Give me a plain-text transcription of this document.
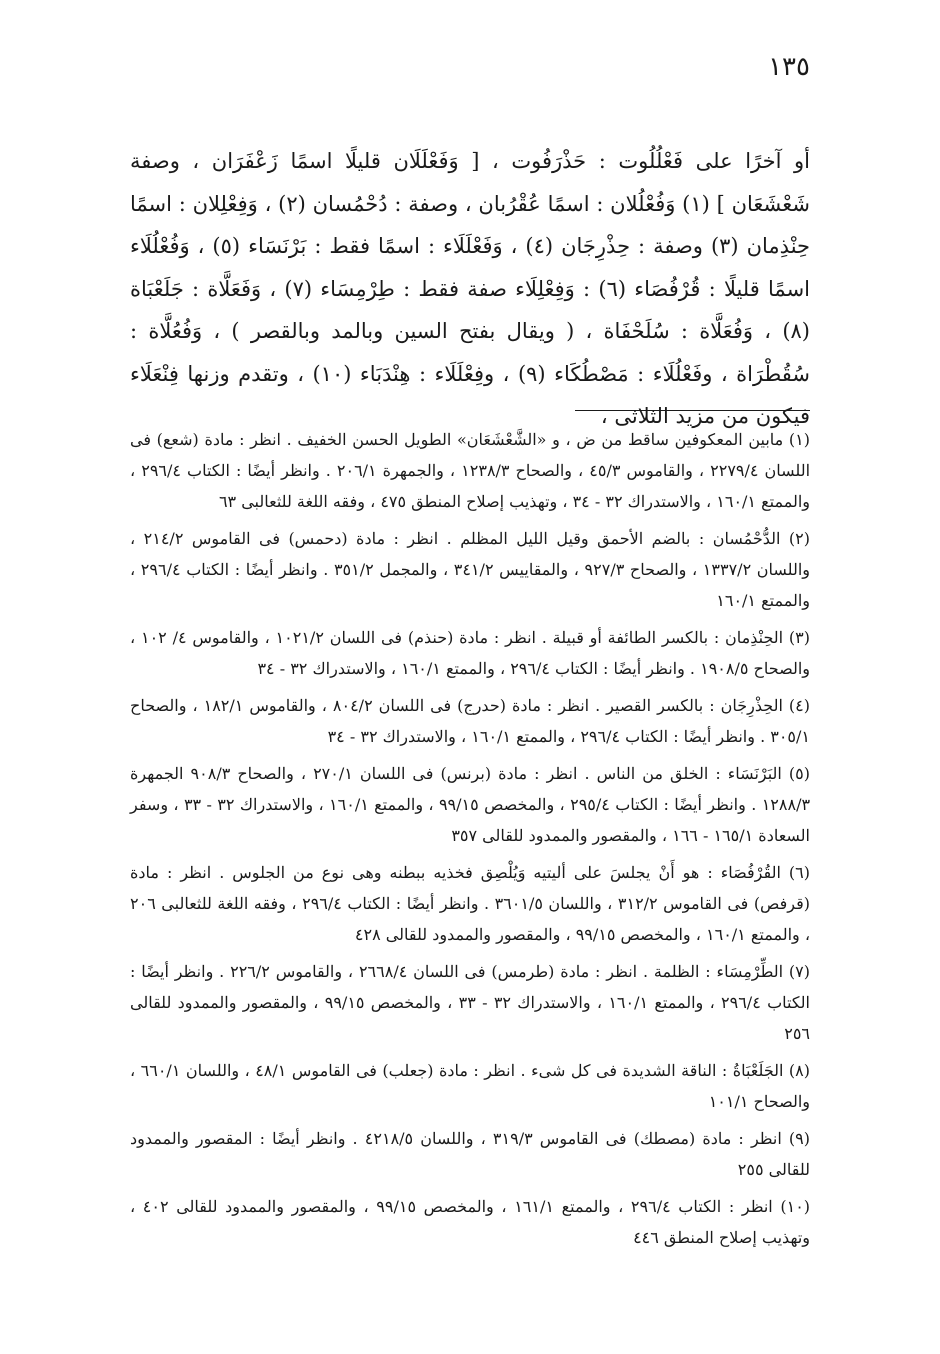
١٣٥
أو آخرًا على فَعْلُلُوت : حَذْرَفُوت ، [ وَفَعْلَلَان قليلًا اسمًا زَعْفَرَان ، وصفة شَعْشَعَان ] (١) وَفُعْلُلان : اسمًا عُقْرُبان ، وصفة : دُحْمُسان (٢) ، وَفِعْلِلان : اسمًا حِنْذِمان (٣) وصفة : حِذْرِجَان (٤) ، وَفَعْلَلَاء : اسمًا فقط : بَرْنَسَاء (٥) ، وَفُعْلُلَاء اسمًا قليلًا : قُرْفُصَاء (٦) : وَفِعْلِلَاء صفة فقط : طِرْمِسَاء (٧) ، وَفَعَلَّاة : جَلَعْبَاة (٨) ، وَفُعَلَّاة : سُلَحْفَاة ، ( ويقال بفتح السين وبالمد وبالقصر ) ، وَفُعُلَّاة : سُقُطْرَاة ، وفَعْلُلَاء : مَصْطُكَاء (٩) ، وفِعْلَلَاء : هِنْدَبَاء (١٠) ، وتقدم وزنها فِنْعَلَاء فيكون من مزيد الثلاثى ،

(١) مابين المعكوفين ساقط من ض ، و «الشَّعْشَعَان» الطويل الحسن الخفيف . انظر : مادة (شعع) فى اللسان ٢٢٧٩/٤ ، والقاموس ٤٥/٣ ، والصحاح ١٢٣٨/٣ ، والجمهرة ٢٠٦/١ . وانظر أيضًا : الكتاب ٢٩٦/٤ ، والممتع ١٦٠/١ ، والاستدراك ٣٢ - ٣٤ ، وتهذيب إصلاح المنطق ٤٧٥ ، وفقه اللغة للثعالبى ٦٣

(٢) الدُّحْمُسان : بالضم الأحمق وقيل الليل المظلم . انظر : مادة (دحمس) فى القاموس ٢١٤/٢ ، واللسان ١٣٣٧/٢ ، والصحاح ٩٢٧/٣ ، والمقاييس ٣٤١/٢ ، والمجمل ٣٥١/٢ . وانظر أيضًا : الكتاب ٢٩٦/٤ ، والممتع ١٦٠/١

(٣) الحِنْذِمان : بالكسر الطائفة أو قبيلة . انظر : مادة (حنذم) فى اللسان ١٠٢١/٢ ، والقاموس ٤/ ١٠٢ ، والصحاح ١٩٠٨/٥ . وانظر أيضًا : الكتاب ٢٩٦/٤ ، والممتع ١٦٠/١ ، والاستدراك ٣٢ - ٣٤

(٤) الحِذْرِجَان : بالكسر القصير . انظر : مادة (حدرج) فى اللسان ٨٠٤/٢ ، والقاموس ١٨٢/١ ، والصحاح ٣٠٥/١ . وانظر أيضًا : الكتاب ٢٩٦/٤ ، والممتع ١٦٠/١ ، والاستدراك ٣٢ - ٣٤

(٥) البَرْنَسَاء : الخلق من الناس . انظر : مادة (برنس) فى اللسان ٢٧٠/١ ، والصحاح ٩٠٨/٣ الجمهرة ١٢٨٨/٣ . وانظر أيضًا : الكتاب ٢٩٥/٤ ، والمخصص ٩٩/١٥ ، والممتع ١٦٠/١ ، والاستدراك ٣٢ - ٣٣ ، وسفر السعادة ١٦٥/١ - ١٦٦ ، والمقصور والممدود للقالى ٣٥٧

(٦) القُرْفُصَاء : هو أَنْ يجلسَ على أليتيه وَيُلْصِق فخذيه ببطنه وهى نوع من الجلوس . انظر : مادة (قرفص) فى القاموس ٣١٢/٢ ، واللسان ٣٦٠١/٥ . وانظر أيضًا : الكتاب ٢٩٦/٤ ، وفقه اللغة للثعالبى ٢٠٦ ، والممتع ١٦٠/١ ، والمخصص ٩٩/١٥ ، والمقصور والممدود للقالى ٤٢٨

(٧) الطِّرْمِسَاء : الظلمة . انظر : مادة (طرمس) فى اللسان ٢٦٦٨/٤ ، والقاموس ٢٢٦/٢ . وانظر أيضًا : الكتاب ٢٩٦/٤ ، والممتع ١٦٠/١ ، والاستدراك ٣٢ - ٣٣ ، والمخصص ٩٩/١٥ ، والمقصور والممدود للقالى ٢٥٦

(٨) الجَلَعْبَاةُ : الناقة الشديدة فى كل شىء . انظر : مادة (جعلب) فى القاموس ٤٨/١ ، واللسان ٦٦٠/١ ، والصحاح ١٠١/١

(٩) انظر : مادة (مصطك) فى القاموس ٣١٩/٣ ، واللسان ٤٢١٨/٥ . وانظر أيضًا : المقصور والممدود للقالى ٢٥٥

(١٠) انظر : الكتاب ٢٩٦/٤ ، والممتع ١٦١/١ ، والمخصص ٩٩/١٥ ، والمقصور والممدود للقالى ٤٠٢ ، وتهذيب إصلاح المنطق ٤٤٦
